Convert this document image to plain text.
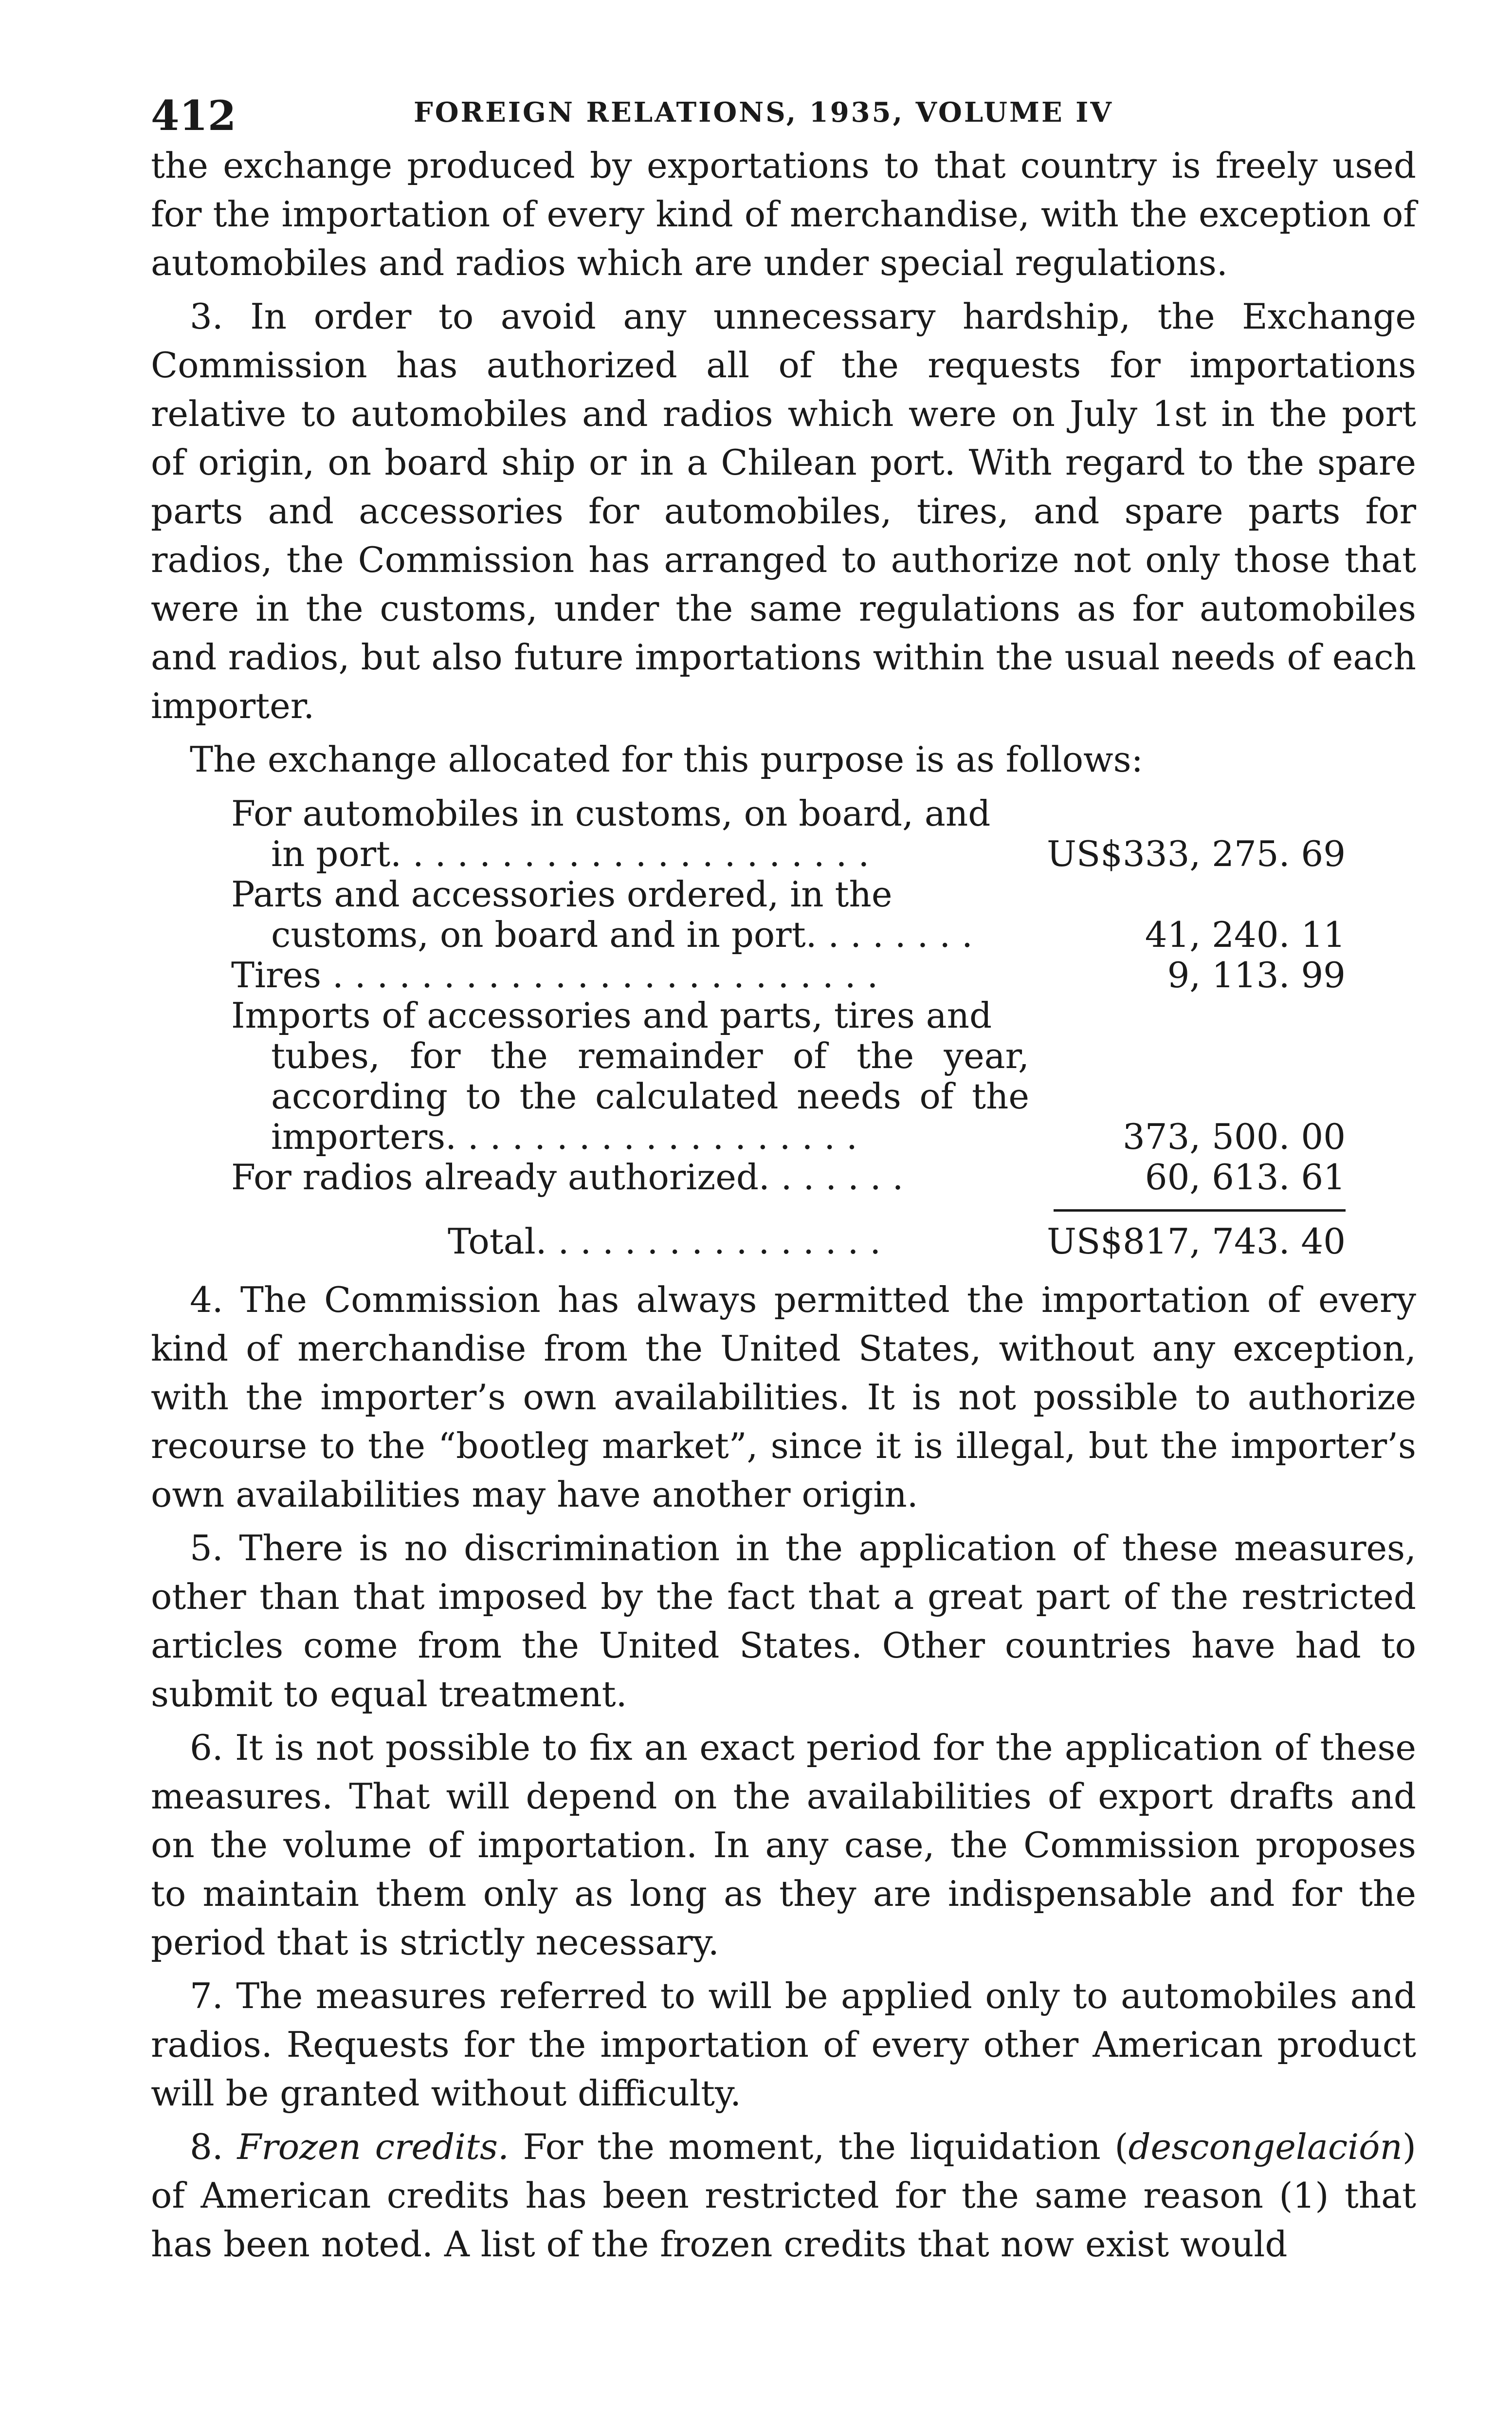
412	FOREIGN RELATIONS, 1935, VOLUME IV

the exchange produced by exportations to that country is freely used for the importation of every kind of merchandise, with the exception of automobiles and radios which are under special regulations.

3. In order to avoid any unnecessary hardship, the Exchange Commission has authorized all of the requests for importations relative to automobiles and radios which were on July 1st in the port of origin, on board ship or in a Chilean port. With regard to the spare parts and accessories for automobiles, tires, and spare parts for radios, the Commission has arranged to authorize not only those that were in the customs, under the same regulations as for automobiles and radios, but also future importations within the usual needs of each importer.

The exchange allocated for this purpose is as follows:

For automobiles in customs, on board, and
in port. . . . . . . . . . . . . . . . . . . . . .	US$333, 275. 69
Parts and accessories ordered, in the
customs, on board and in port. . . . . . . .	41, 240. 11
Tires . . . . . . . . . . . . . . . . . . . . . . . . .	9, 113. 99
Imports of accessories and parts, tires and
tubes, for the remainder of the year, according to the calculated needs of the importers. . . . . . . . . . . . . . . . . . .	373, 500. 00
For radios already authorized. . . . . . .	60, 613. 61
Total. . . . . . . . . . . . . . . .	US$817, 743. 40

4. The Commission has always permitted the importation of every kind of merchandise from the United States, without any exception, with the importer’s own availabilities. It is not possible to authorize recourse to the “bootleg market”, since it is illegal, but the importer’s own availabilities may have another origin.

5. There is no discrimination in the application of these measures, other than that imposed by the fact that a great part of the restricted articles come from the United States. Other countries have had to submit to equal treatment.

6. It is not possible to fix an exact period for the application of these measures. That will depend on the availabilities of export drafts and on the volume of importation. In any case, the Commission proposes to maintain them only as long as they are indispensable and for the period that is strictly necessary.

7. The measures referred to will be applied only to automobiles and radios. Requests for the importation of every other American product will be granted without difficulty.

8. Frozen credits. For the moment, the liquidation (descongelación) of American credits has been restricted for the same reason (1) that has been noted. A list of the frozen credits that now exist would
